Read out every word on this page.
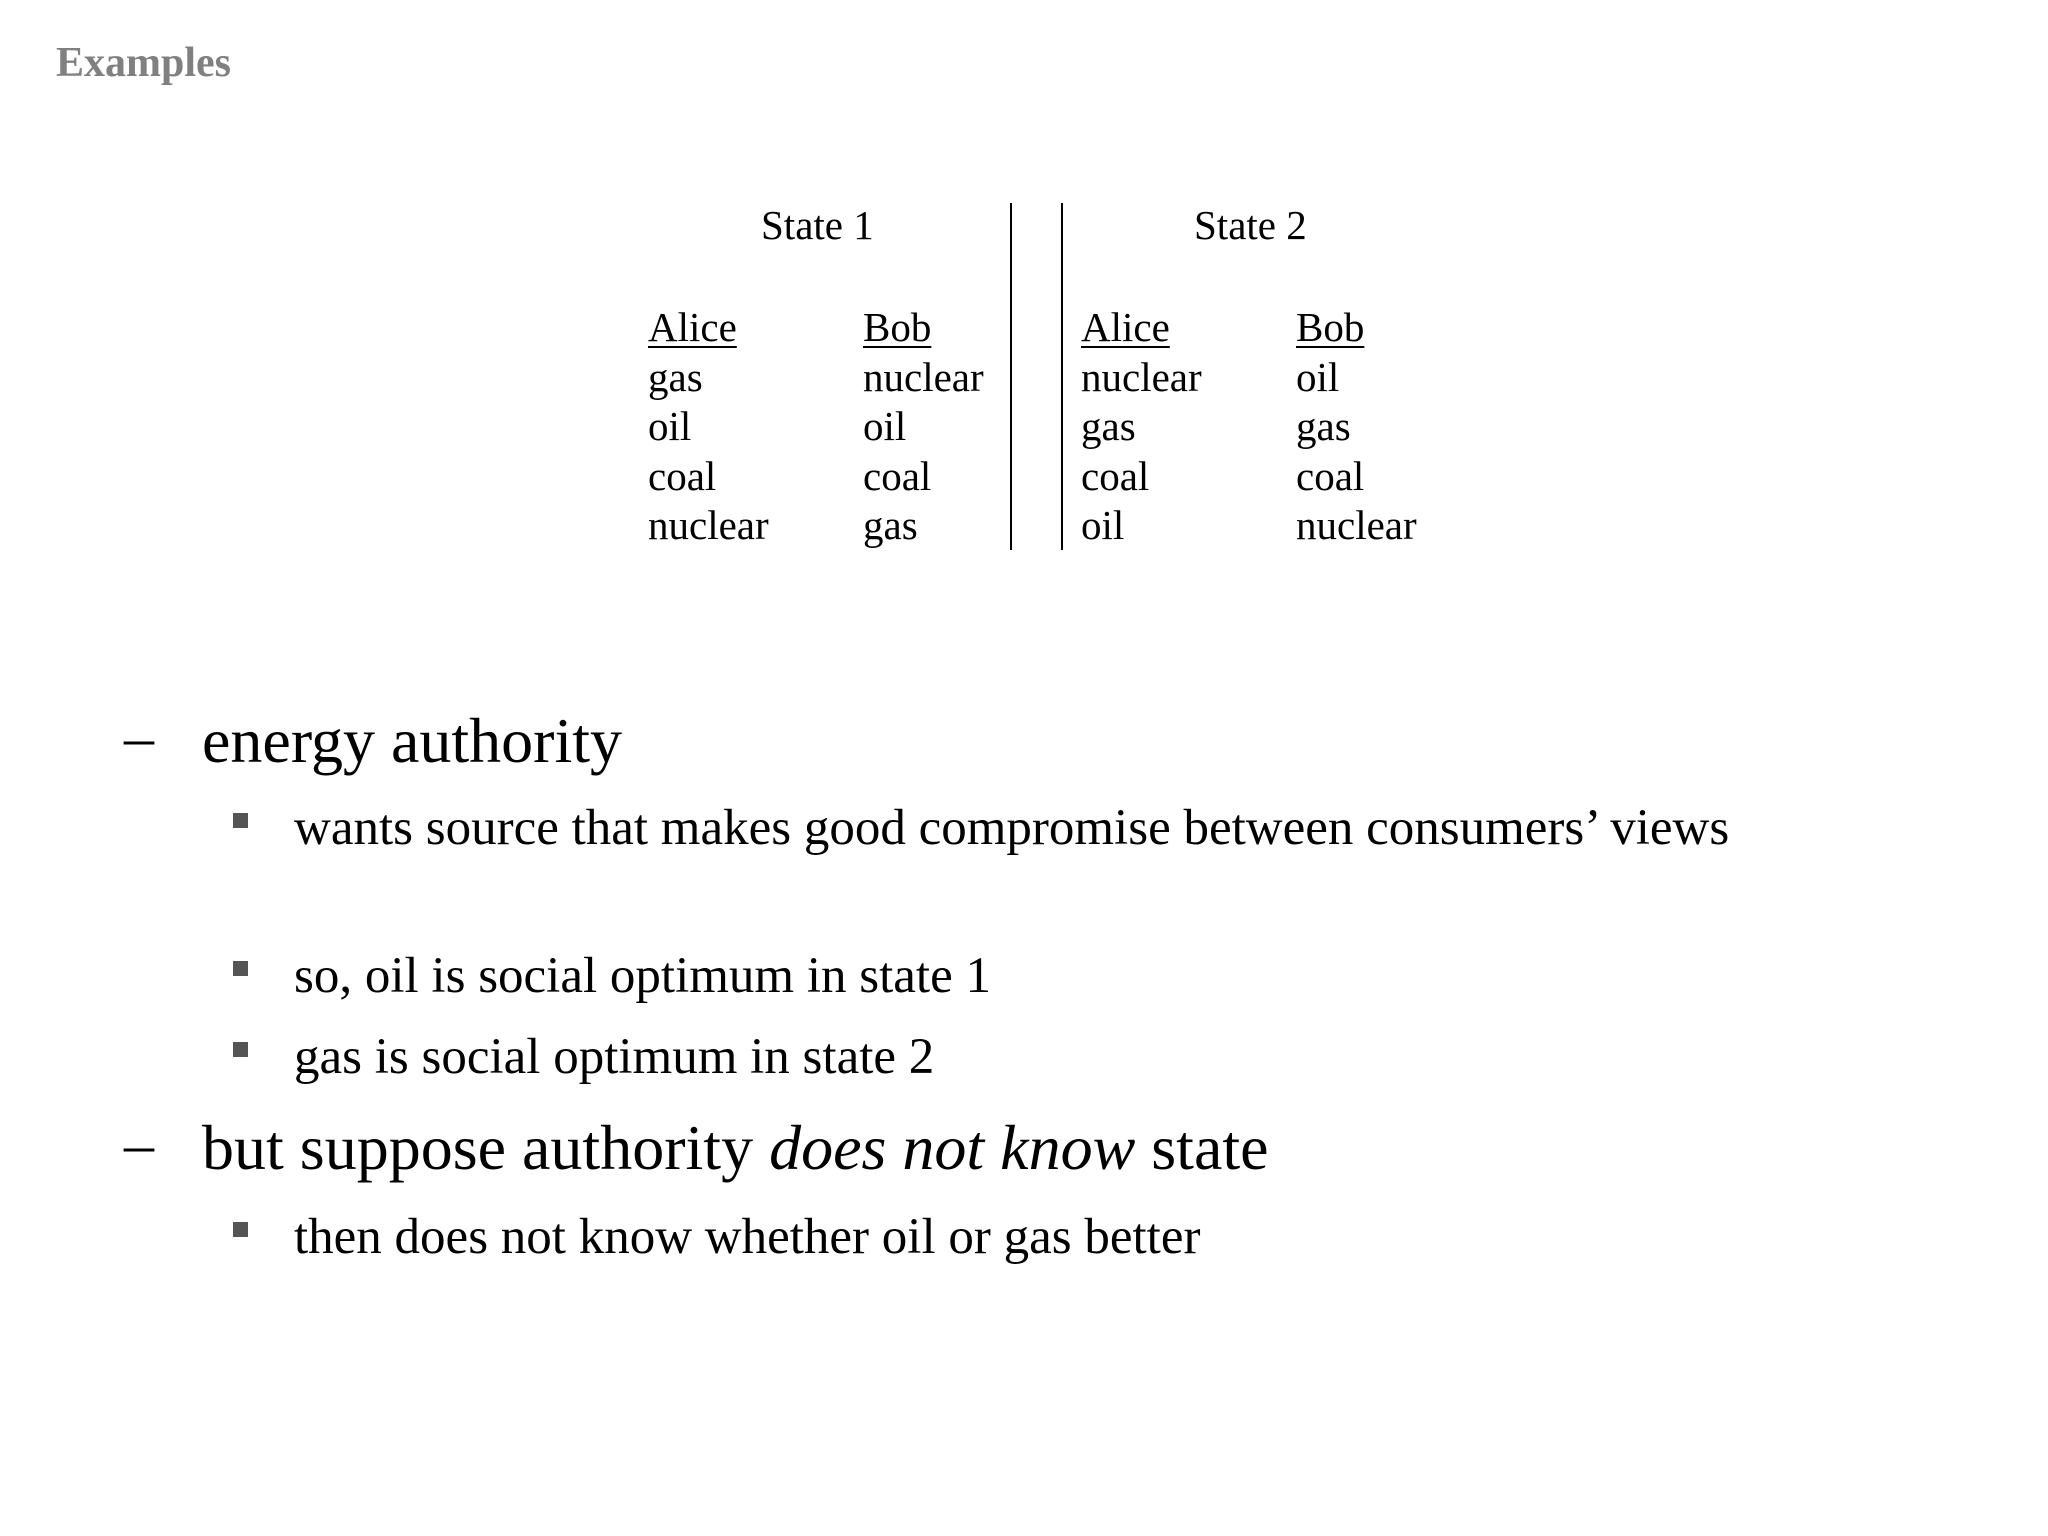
Examples
State 1	State 2
Alice
gas
oil
coal
nuclear
Bob
nuclear
oil
coal
gas
Alice
nuclear
gas
coal
oil
Bob
oil
gas
coal
nuclear
– energy authority
wants source that makes good compromise between consumers’ views
so, oil is social optimum in state 1
gas is social optimum in state 2
– but suppose authority does not know state
then does not know whether oil or gas better
